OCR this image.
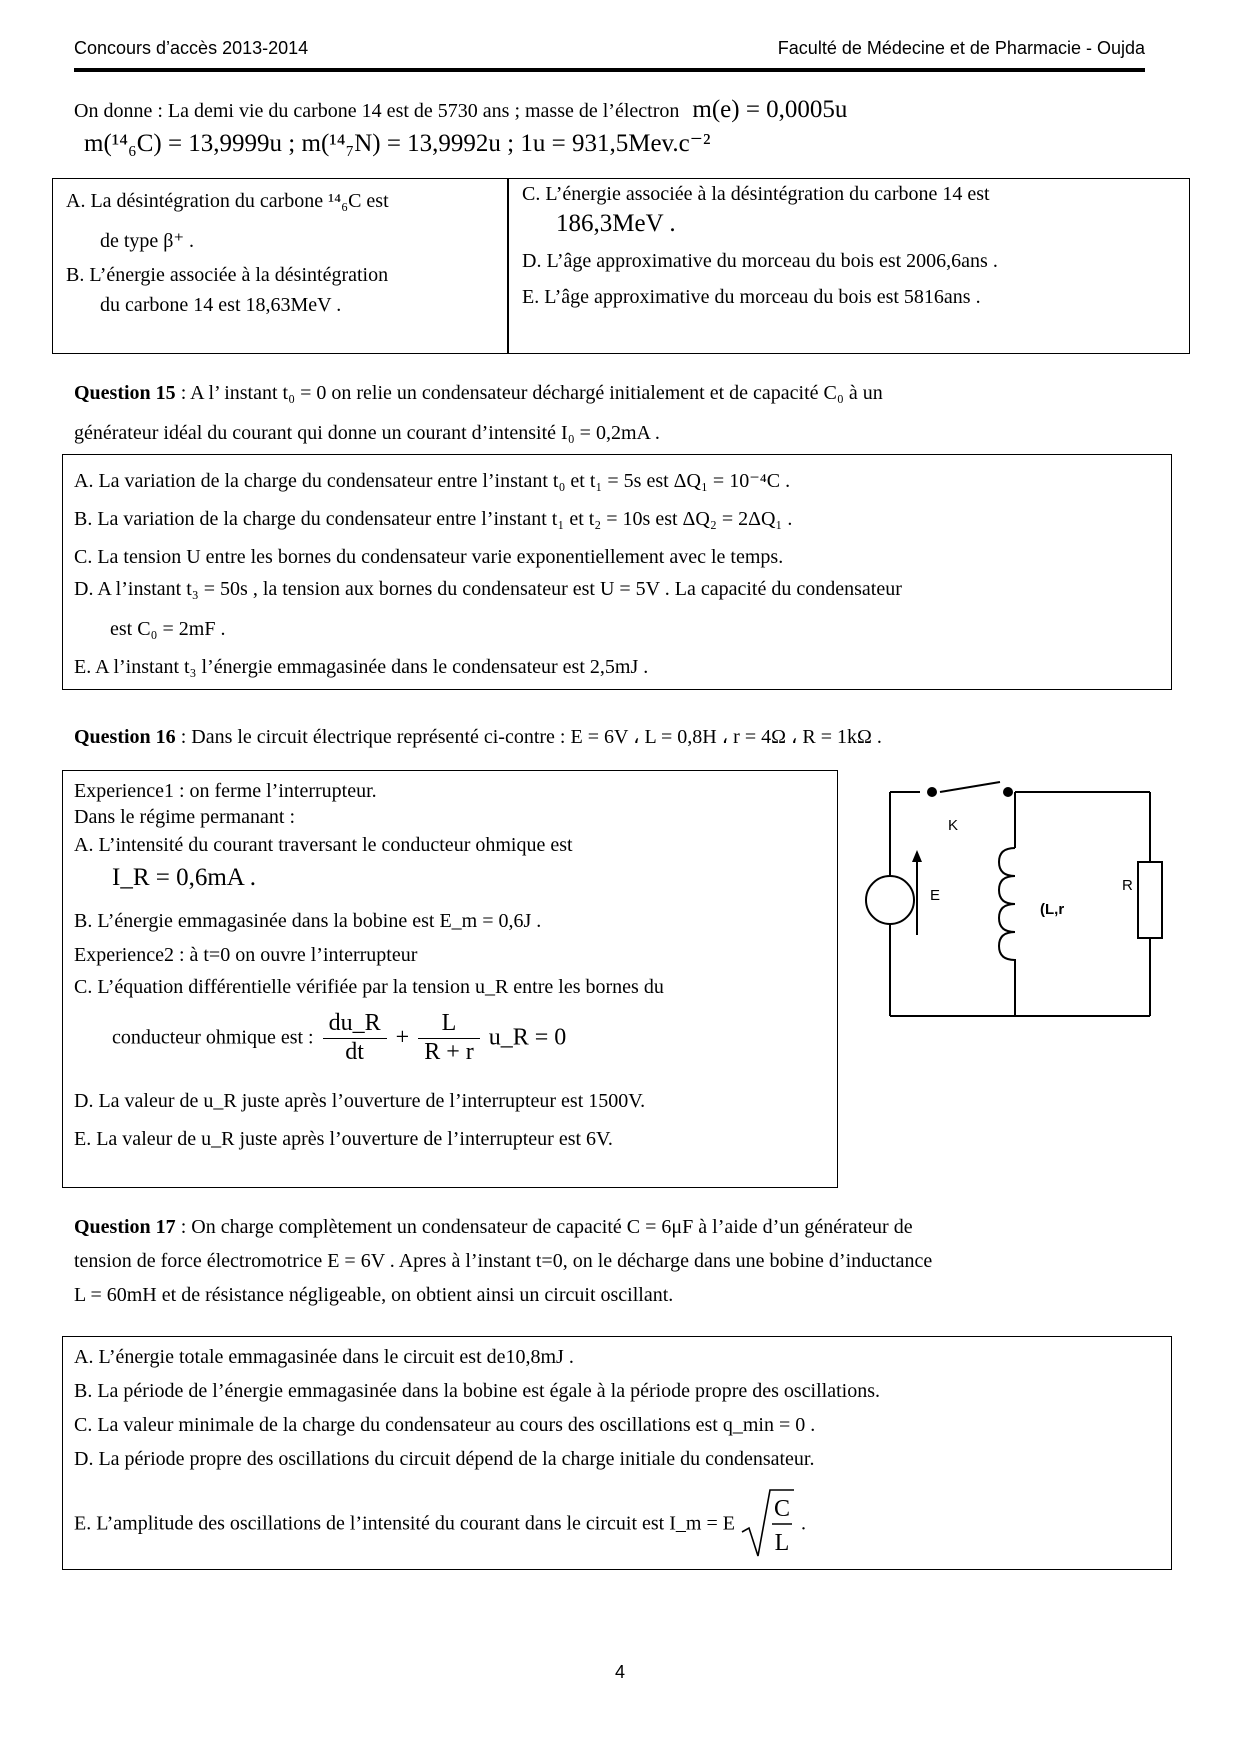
Concours d’accès 2013-2014	Faculté de Médecine et de Pharmacie - Oujda
On donne : La demi vie du carbone 14 est de 5730 ans ; masse de l’électron m(e) = 0,0005u
m(¹⁴₆C) = 13,9999u ; m(¹⁴₇N) = 13,9992u ; 1u = 931,5Mev.c⁻²
A. La désintégration du carbone ¹⁴₆C est
de type β⁺ .
B. L’énergie associée à la désintégration
du carbone 14 est 18,63MeV .
C. L’énergie associée à la désintégration du carbone 14 est
186,3MeV .
D. L’âge approximative du morceau du bois est 2006,6ans .
E. L’âge approximative du morceau du bois est 5816ans .
Question 15 : A l’ instant t₀ = 0 on relie un condensateur déchargé initialement et de capacité C₀ à un
générateur idéal du courant qui donne un courant d’intensité I₀ = 0,2mA .
A. La variation de la charge du condensateur entre l’instant t₀ et t₁ = 5s est ΔQ₁ = 10⁻⁴C .
B. La variation de la charge du condensateur entre l’instant t₁ et t₂ = 10s est ΔQ₂ = 2ΔQ₁ .
C. La tension U entre les bornes du condensateur varie exponentiellement avec le temps.
D. A l’instant t₃ = 50s , la tension aux bornes du condensateur est U = 5V . La capacité du condensateur
est C₀ = 2mF .
E. A l’instant t₃ l’énergie emmagasinée dans le condensateur est 2,5mJ .
Question 16 : Dans le circuit électrique représenté ci-contre : E = 6V ، L = 0,8H ، r = 4Ω ، R = 1kΩ .
Experience1 : on ferme l’interrupteur.
Dans le régime permanant :
A. L’intensité du courant traversant le conducteur ohmique est
I_R = 0,6mA .
B. L’énergie emmagasinée dans la bobine est E_m = 0,6J .
Experience2 : à t=0 on ouvre l’interrupteur
C. L’équation différentielle vérifiée par la tension u_R entre les bornes du
conducteur ohmique est : $\frac{du\_R}{dt} + \frac{L}{R + r}$ u_R = 0
D. La valeur de u_R juste après l’ouverture de l’interrupteur est 1500V.
E. La valeur de u_R juste après l’ouverture de l’interrupteur est 6V.
K
E
(L,r
R
Question 17 : On charge complètement un condensateur de capacité C = 6μF à l’aide d’un générateur de
tension de force électromotrice E = 6V . Apres à l’instant t=0, on le décharge dans une bobine d’inductance
L = 60mH et de résistance négligeable, on obtient ainsi un circuit oscillant.
A. L’énergie totale emmagasinée dans le circuit est de10,8mJ .
B. La période de l’énergie emmagasinée dans la bobine est égale à la période propre des oscillations.
C. La valeur minimale de la charge du condensateur au cours des oscillations est q_min = 0 .
D. La période propre des oscillations du circuit dépend de la charge initiale du condensateur.
E. L’amplitude des oscillations de l’intensité du courant dans le circuit est I_m = E
C
L
.
4
